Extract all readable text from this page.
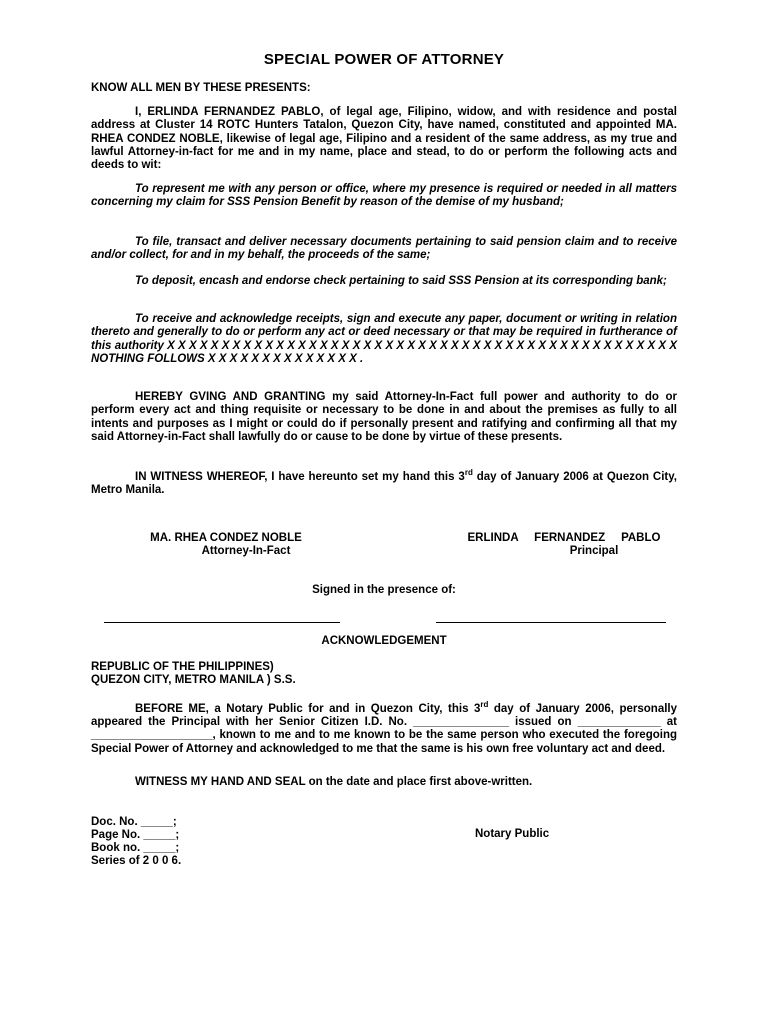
SPECIAL POWER OF ATTORNEY
KNOW ALL MEN BY THESE PRESENTS:
I, ERLINDA FERNANDEZ PABLO, of legal age, Filipino, widow, and with residence and postal address at Cluster 14 ROTC Hunters Tatalon, Quezon City, have named, constituted and appointed MA. RHEA CONDEZ NOBLE, likewise of legal age, Filipino and a resident of the same address, as my true and lawful Attorney-in-fact for me and in my name, place and stead, to do or perform the following acts and deeds to wit:
To represent me with any person or office, where my presence is required or needed in all matters concerning my claim for SSS Pension Benefit by reason of the demise of my husband;
To file, transact and deliver necessary documents pertaining to said pension claim and to receive and/or collect, for and in my behalf, the proceeds of the same;
To deposit, encash and endorse check pertaining to said SSS Pension at its corresponding bank;
To receive and acknowledge receipts, sign and execute any paper, document or writing in relation thereto and generally to do or perform any act or deed necessary or that may be required in furtherance of this authority X X X X X X X X X X X X X X X X X X X X X X X X X X X X X X X X X X X X X X X X X X X X X X X NOTHING FOLLOWS X X X X X X X X X X X X X X .
HEREBY GVING AND GRANTING my said Attorney-In-Fact full power and authority to do or perform every act and thing requisite or necessary to be done in and about the premises as fully to all intents and purposes as I might or could do if personally present and ratifying and confirming all that my said Attorney-in-Fact shall lawfully do or cause to be done by virtue of these presents.
IN WITNESS WHEREOF, I have hereunto set my hand this 3rd day of January 2006 at Quezon City, Metro Manila.
MA. RHEA CONDEZ NOBLE
Attorney-In-Fact
ERLINDA     FERNANDEZ     PABLO
Principal
Signed in the presence of:
ACKNOWLEDGEMENT
REPUBLIC OF THE PHILIPPINES)
QUEZON CITY, METRO MANILA ) S.S.
BEFORE ME, a Notary Public for and in Quezon City, this 3rd day of January 2006, personally appeared the Principal with her Senior Citizen I.D. No. _______________ issued on _____________ at ___________________, known to me and to me known to be the same person who executed the foregoing Special Power of Attorney and acknowledged to me that the same is his own free voluntary act and deed.
WITNESS MY HAND AND SEAL on the date and place first above-written.
Doc. No. _____;
Page No. _____;
Book no. _____;
Series of 2 0 0 6.
Notary Public
